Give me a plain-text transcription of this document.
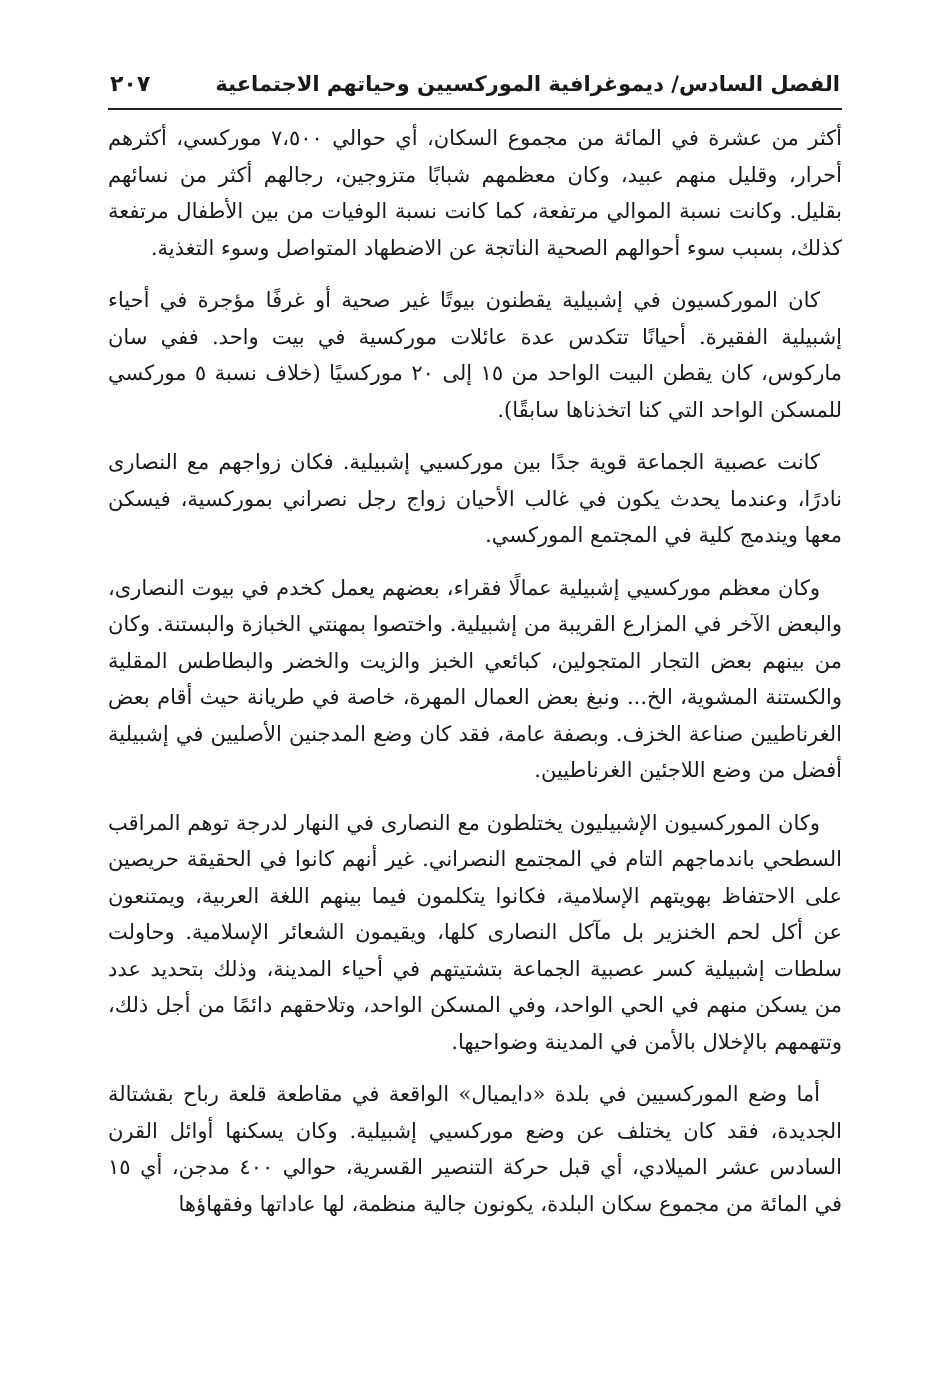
الفصل السادس/ ديموغرافية الموركسيين وحياتهم الاجتماعية
٢٠٧

أكثر من عشرة في المائة من مجموع السكان، أي حوالي ٧،٥٠٠ موركسي، أكثرهم أحرار، وقليل منهم عبيد، وكان معظمهم شبابًا متزوجين، رجالهم أكثر من نسائهم بقليل. وكانت نسبة الموالي مرتفعة، كما كانت نسبة الوفيات من بين الأطفال مرتفعة كذلك، بسبب سوء أحوالهم الصحية الناتجة عن الاضطهاد المتواصل وسوء التغذية.

كان الموركسيون في إشبيلية يقطنون بيوتًا غير صحية أو غرفًا مؤجرة في أحياء إشبيلية الفقيرة. أحيانًا تتكدس عدة عائلات موركسية في بيت واحد. ففي سان ماركوس، كان يقطن البيت الواحد من ١٥ إلى ٢٠ موركسيًا (خلاف نسبة ٥ موركسي للمسكن الواحد التي كنا اتخذناها سابقًا).

كانت عصبية الجماعة قوية جدًا بين موركسيي إشبيلية. فكان زواجهم مع النصارى نادرًا، وعندما يحدث يكون في غالب الأحيان زواج رجل نصراني بموركسية، فيسكن معها ويندمج كلية في المجتمع الموركسي.

وكان معظم موركسيي إشبيلية عمالًا فقراء، بعضهم يعمل كخدم في بيوت النصارى، والبعض الآخر في المزارع القريبة من إشبيلية. واختصوا بمهنتي الخبازة والبستنة. وكان من بينهم بعض التجار المتجولين، كبائعي الخبز والزيت والخضر والبطاطس المقلية والكستنة المشوية، الخ... ونبغ بعض العمال المهرة، خاصة في طريانة حيث أقام بعض الغرناطيين صناعة الخزف. وبصفة عامة، فقد كان وضع المدجنين الأصليين في إشبيلية أفضل من وضع اللاجئين الغرناطيين.

وكان الموركسيون الإشبيليون يختلطون مع النصارى في النهار لدرجة توهم المراقب السطحي باندماجهم التام في المجتمع النصراني. غير أنهم كانوا في الحقيقة حريصين على الاحتفاظ بهويتهم الإسلامية، فكانوا يتكلمون فيما بينهم اللغة العربية، ويمتنعون عن أكل لحم الخنزير بل مآكل النصارى كلها، ويقيمون الشعائر الإسلامية. وحاولت سلطات إشبيلية كسر عصبية الجماعة بتشتيتهم في أحياء المدينة، وذلك بتحديد عدد من يسكن منهم في الحي الواحد، وفي المسكن الواحد، وتلاحقهم دائمًا من أجل ذلك، وتتهمهم بالإخلال بالأمن في المدينة وضواحيها.

أما وضع الموركسيين في بلدة «دايميال» الواقعة في مقاطعة قلعة رباح بقشتالة الجديدة، فقد كان يختلف عن وضع موركسيي إشبيلية. وكان يسكنها أوائل القرن السادس عشر الميلادي، أي قبل حركة التنصير القسرية، حوالي ٤٠٠ مدجن، أي ١٥ في المائة من مجموع سكان البلدة، يكونون جالية منظمة، لها عاداتها وفقهاؤها
